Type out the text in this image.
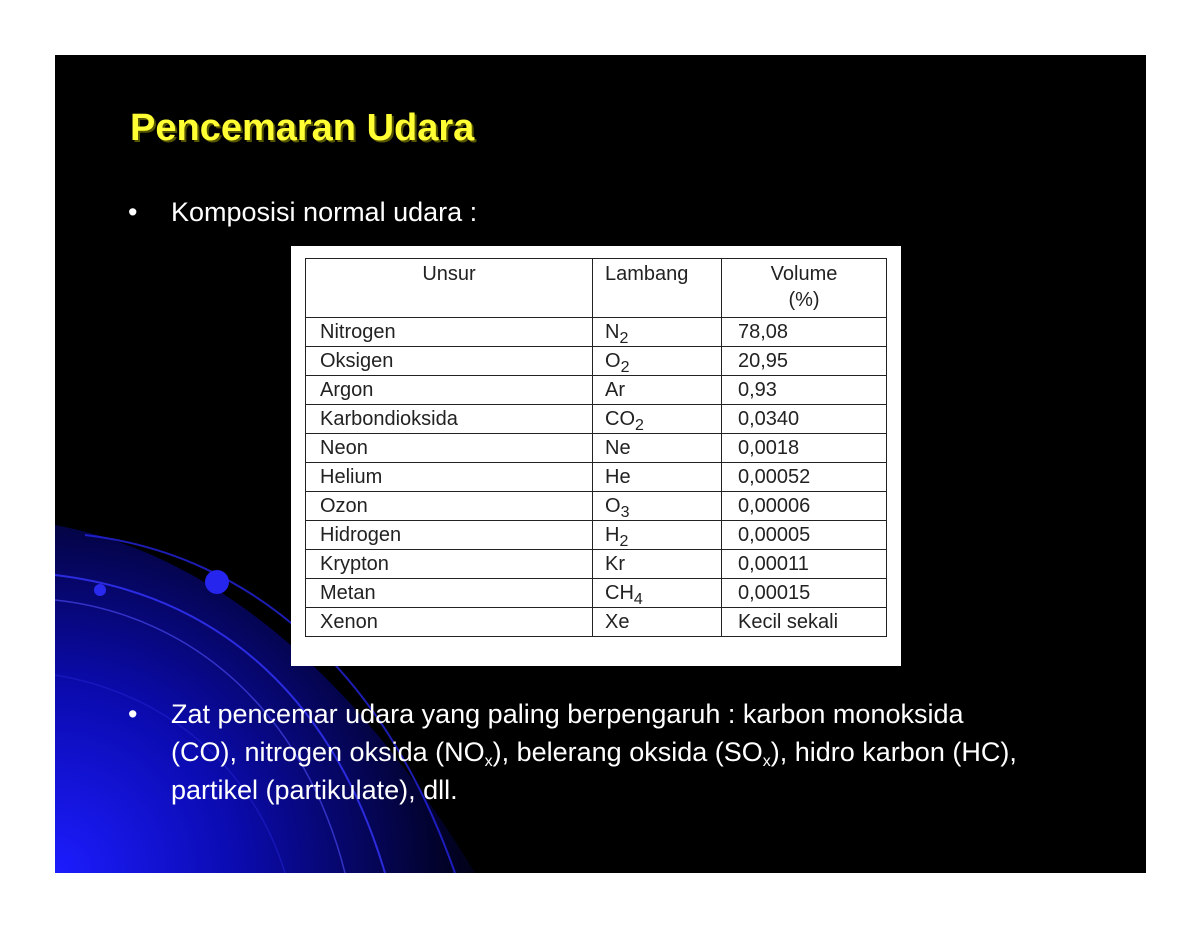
Pencemaran Udara
• Komposisi normal udara :
Unsur	Lambang	Volume
(%)
Nitrogen	$N_2$	78,08
Oksigen	$O_2$	20,95
Argon	Ar	0,93
Karbondioksida	$CO_2$	0,0340
Neon	Ne	0,0018
Helium	He	0,00052
Ozon	$O_3$	0,00006
Hidrogen	$H_2$	0,00005
Krypton	Kr	0,00011
Metan	$CH_4$	0,00015
Xenon	Xe	Kecil sekali
• Zat pencemar udara yang paling berpengaruh : karbon monoksida (CO), nitrogen oksida $(NO_x)$, belerang oksida $(SO_x)$, hidro karbon (HC), partikel (partikulate), dll.
